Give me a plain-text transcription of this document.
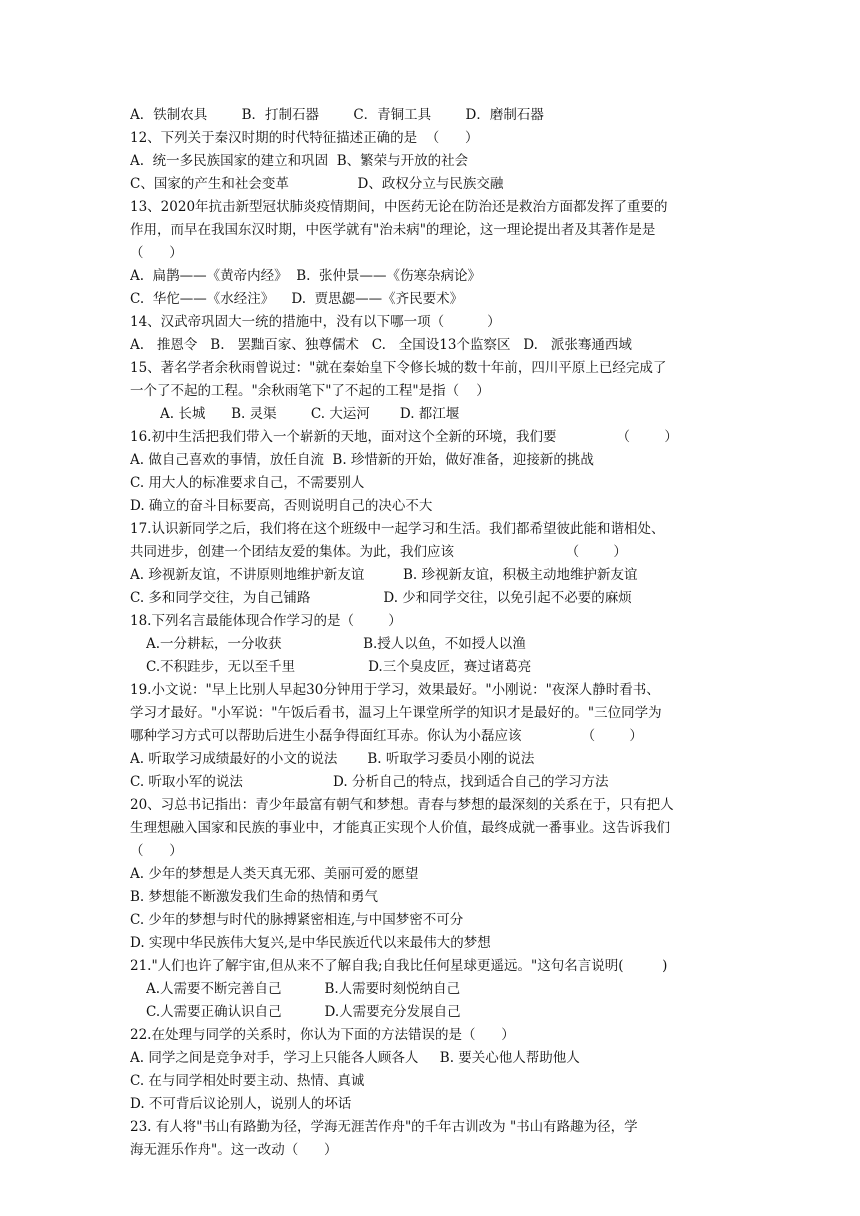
A．铁制农具        B．打制石器        C．青铜工具        D．磨制石器
12、下列关于秦汉时期的时代特征描述正确的是  （      ）
A.  统一多民族国家的建立和巩固  B、繁荣与开放的社会
C、国家的产生和社会变革                D、政权分立与民族交融
13、2020年抗击新型冠状肺炎疫情期间，中医药无论在防治还是救治方面都发挥了重要的
作用，而早在我国东汉时期，中医学就有"治未病"的理论，这一理论提出者及其著作是是
（      ）
A.  扁鹊——《黄帝内经》  B.  张仲景——《伤寒杂病论》
C.  华佗——《水经注》    D.  贾思勰——《齐民要术》
14、汉武帝巩固大一统的措施中，没有以下哪一项（          ）
A.   推恩令   B.   罢黜百家、独尊儒术   C.   全国设13个监察区   D.   派张骞通西域
15、著名学者余秋雨曾说过："就在秦始皇下令修长城的数十年前，四川平原上已经完成了
一个了不起的工程。"余秋雨笔下"了不起的工程"是指（    ）
A. 长城      B. 灵渠        C. 大运河       D. 都江堰
16.初中生活把我们带入一个崭新的天地，面对这个全新的环境，我们要              （        ）
A. 做自己喜欢的事情，放任自流  B. 珍惜新的开始，做好准备，迎接新的挑战
C. 用大人的标准要求自己，不需要别人
D. 确立的奋斗目标要高，否则说明自己的决心不大
17.认识新同学之后，我们将在这个班级中一起学习和生活。我们都希望彼此能和谐相处、
共同进步，创建一个团结友爱的集体。为此，我们应该                          （        ）
A. 珍视新友谊，不讲原则地维护新友谊         B. 珍视新友谊，积极主动地维护新友谊
C. 多和同学交往，为自己铺路                 D. 少和同学交往，以免引起不必要的麻烦
18.下列名言最能体现合作学习的是（        ）
A.一分耕耘，一分收获                   B.授人以鱼，不如授人以渔
C.不积跬步，无以至千里                 D.三个臭皮匠，赛过诸葛亮
19.小文说："早上比别人早起30分钟用于学习，效果最好。"小刚说："夜深人静时看书、
学习才最好。"小军说："午饭后看书，温习上午课堂所学的知识才是最好的。"三位同学为
哪种学习方式可以帮助后进生小磊争得面红耳赤。你认为小磊应该              （        ）
A. 听取学习成绩最好的小文的说法       B. 听取学习委员小刚的说法
C. 听取小军的说法                     D. 分析自己的特点，找到适合自己的学习方法
20、习总书记指出：青少年最富有朝气和梦想。青春与梦想的最深刻的关系在于，只有把人
生理想融入国家和民族的事业中，才能真正实现个人价值，最终成就一番事业。这告诉我们
（      ）
A. 少年的梦想是人类天真无邪、美丽可爱的愿望
B. 梦想能不断激发我们生命的热情和勇气
C. 少年的梦想与时代的脉搏紧密相连,与中国梦密不可分
D. 实现中华民族伟大复兴,是中华民族近代以来最伟大的梦想
21."人们也许了解宇宙,但从来不了解自我;自我比任何星球更遥远。"这句名言说明(         )
A.人需要不断完善自己          B.人需要时刻悦纳自己
C.人需要正确认识自己          D.人需要充分发展自己
22.在处理与同学的关系时，你认为下面的方法错误的是（      ）
A. 同学之间是竞争对手，学习上只能各人顾各人     B. 要关心他人帮助他人
C. 在与同学相处时要主动、热情、真诚
D. 不可背后议论别人，说别人的坏话
23. 有人将"书山有路勤为径，学海无涯苦作舟"的千年古训改为 "书山有路趣为径，学
海无涯乐作舟"。这一改动（      ）
